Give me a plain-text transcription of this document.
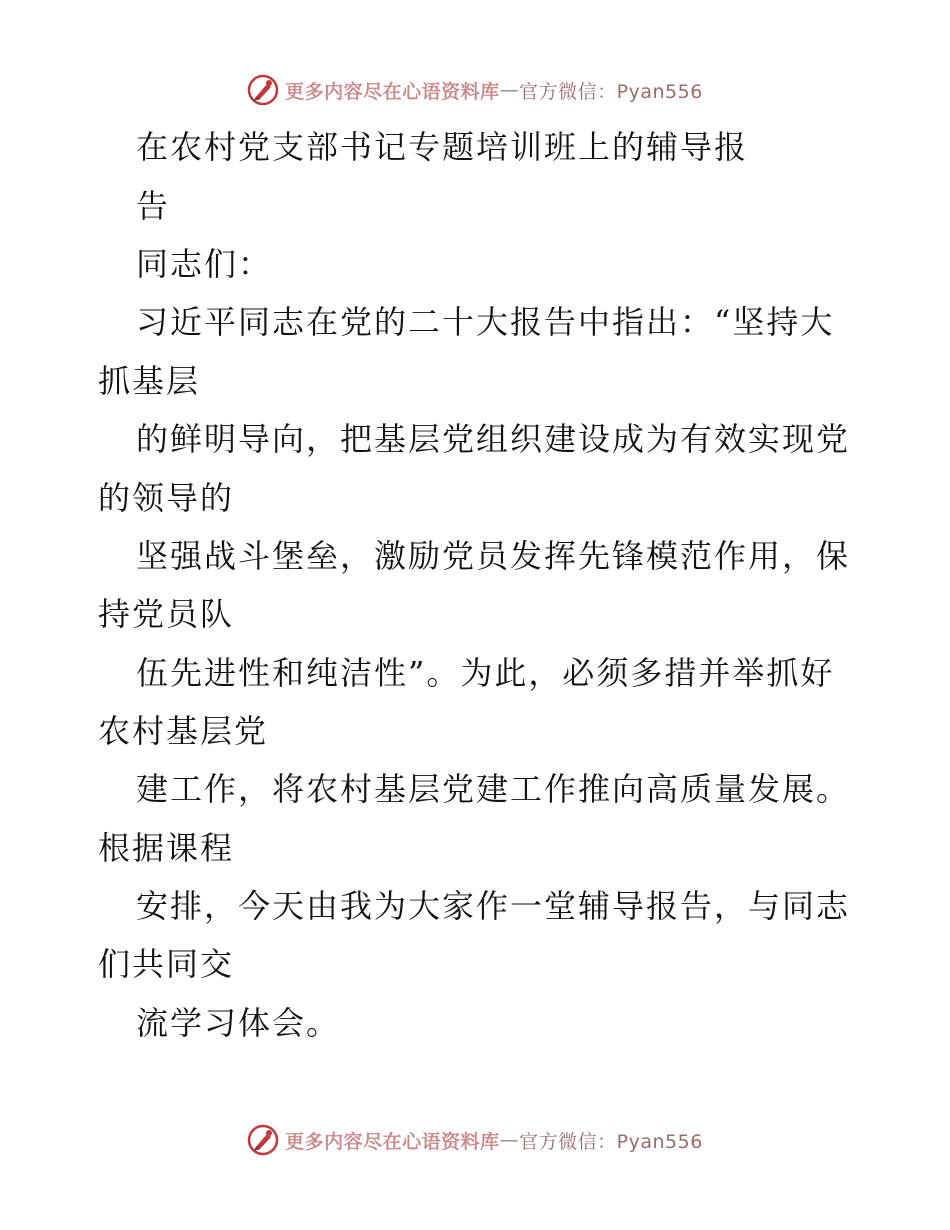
更多内容尽在心语资料库 — 官方微信：Pyan556
在农村党支部书记专题培训班上的辅导报
告
同志们：
习近平同志在党的二十大报告中指出：“坚持大
抓基层
的鲜明导向，把基层党组织建设成为有效实现党
的领导的
坚强战斗堡垒，激励党员发挥先锋模范作用，保
持党员队
伍先进性和纯洁性”。为此，必须多措并举抓好
农村基层党
建工作，将农村基层党建工作推向高质量发展。
根据课程
安排，今天由我为大家作一堂辅导报告，与同志
们共同交
流学习体会。
更多内容尽在心语资料库 — 官方微信：Pyan556
